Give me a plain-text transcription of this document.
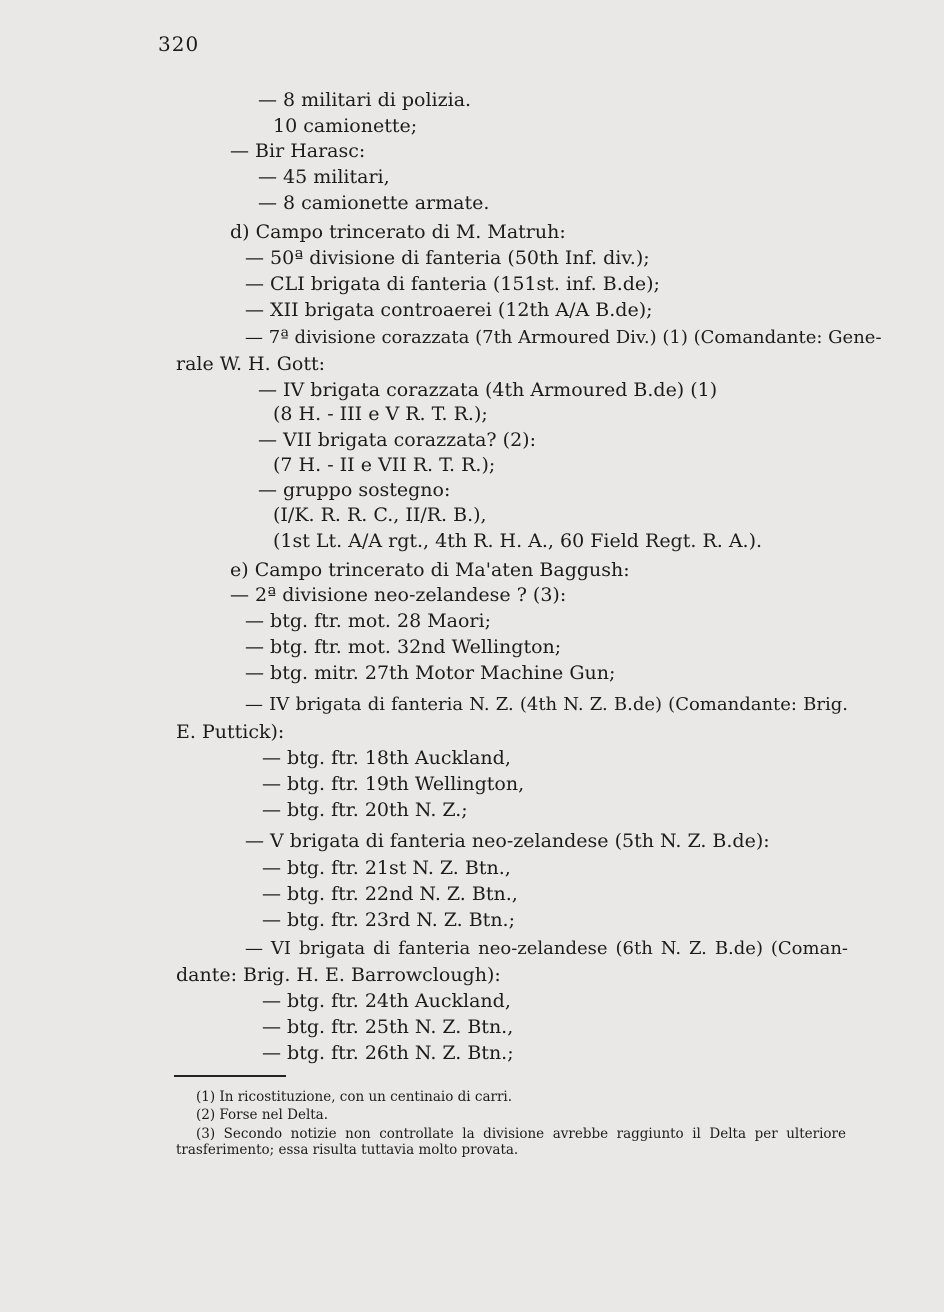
320
— 8 militari di polizia.
10 camionette;
— Bir Harasc:
— 45 militari,
— 8 camionette armate.
d) Campo trincerato di M. Matruh:
— 50ª divisione di fanteria (50th Inf. div.);
— CLI brigata di fanteria (151st. inf. B.de);
— XII brigata controaerei (12th A/A B.de);
— 7ª divisione corazzata (7th Armoured Div.) (1) (Comandante: Gene-
rale W. H. Gott:
— IV brigata corazzata (4th Armoured B.de) (1)
(8 H. - III e V R. T. R.);
— VII brigata corazzata? (2):
(7 H. - II e VII R. T. R.);
— gruppo sostegno:
(I/K. R. R. C., II/R. B.),
(1st Lt. A/A rgt., 4th R. H. A., 60 Field Regt. R. A.).
e) Campo trincerato di Ma'aten Baggush:
— 2ª divisione neo-zelandese ? (3):
— btg. ftr. mot. 28 Maori;
— btg. ftr. mot. 32nd Wellington;
— btg. mitr. 27th Motor Machine Gun;
— IV brigata di fanteria N. Z. (4th N. Z. B.de) (Comandante: Brig.
E. Puttick):
— btg. ftr. 18th Auckland,
— btg. ftr. 19th Wellington,
— btg. ftr. 20th N. Z.;
— V brigata di fanteria neo-zelandese (5th N. Z. B.de):
— btg. ftr. 21st N. Z. Btn.,
— btg. ftr. 22nd N. Z. Btn.,
— btg. ftr. 23rd N. Z. Btn.;
— VI brigata di fanteria neo-zelandese (6th N. Z. B.de) (Coman-
dante: Brig. H. E. Barrowclough):
— btg. ftr. 24th Auckland,
— btg. ftr. 25th N. Z. Btn.,
— btg. ftr. 26th N. Z. Btn.;
(1) In ricostituzione, con un centinaio di carri.
(2) Forse nel Delta.
(3) Secondo notizie non controllate la divisione avrebbe raggiunto il Delta per ulteriore
trasferimento; essa risulta tuttavia molto provata.
